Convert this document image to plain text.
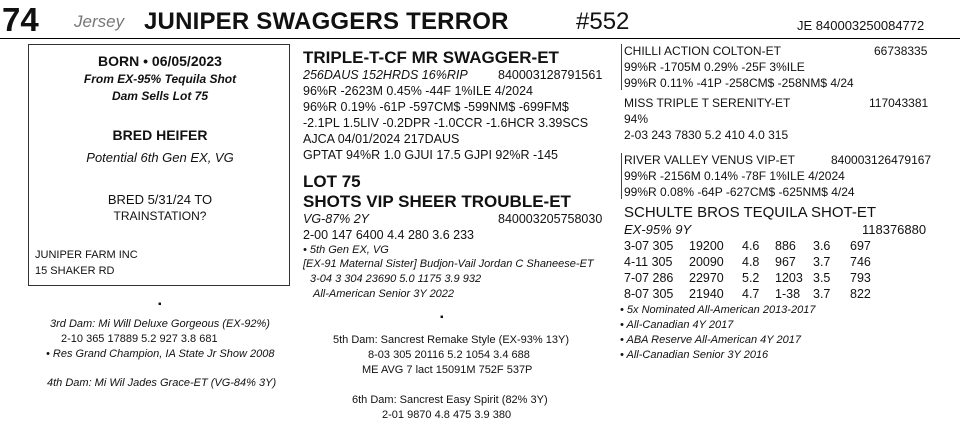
74 Jersey JUNIPER SWAGGERS TERROR	#552	JE 840003250084772
BORN • 06/05/2023
From EX-95% Tequila Shot
Dam Sells Lot 75
BRED HEIFER
Potential 6th Gen EX, VG
BRED 5/31/24 TO
TRAINSTATION?
JUNIPER FARM INC
15 SHAKER RD
TRIPLE-T-CF MR SWAGGER-ET
256DAUS 152HRDS 16%RIP 840003128791561
96%R -2623M 0.45% -44F 1%ILE 4/2024
96%R 0.19% -61P -597CM$ -599NM$ -699FM$
-2.1PL 1.5LIV -0.2DPR -1.0CCR -1.6HCR 3.39SCS
AJCA 04/01/2024 217DAUS
GPTAT 94%R 1.0 GJUI 17.5 GJPI 92%R -145
LOT 75
SHOTS VIP SHEER TROUBLE-ET
VG-87% 2Y	840003205758030
2-00 147 6400 4.4 280 3.6 233
• 5th Gen EX, VG
[EX-91 Maternal Sister] Budjon-Vail Jordan C Shaneese-ET
3-04 3 304 23690 5.0 1175 3.9 932
All-American Senior 3Y 2022
CHILLI ACTION COLTON-ET	66738335
99%R -1705M 0.29% -25F 3%ILE
99%R 0.11% -41P -258CM$ -258NM$ 4/24
MISS TRIPLE T SERENITY-ET	117043381
94%
2-03 243 7830 5.2 410 4.0 315
RIVER VALLEY VENUS VIP-ET	840003126479167
99%R -2156M 0.14% -78F 1%ILE 4/2024
99%R 0.08% -64P -627CM$ -625NM$ 4/24
SCHULTE BROS TEQUILA SHOT-ET
EX-95% 9Y	118376880
3-07 305 19200 4.6 886 3.6 697
4-11 305 20090 4.8 967 3.7 746
7-07 286 22970 5.2 1203 3.5 793
8-07 305 21940 4.7 1-38 3.7 822
• 5x Nominated All-American 2013-2017
• All-Canadian 4Y 2017
• ABA Reserve All-American 4Y 2017
• All-Canadian Senior 3Y 2016
▪
3rd Dam: Mi Will Deluxe Gorgeous (EX-92%)
2-10 365 17889 5.2 927 3.8 681
• Res Grand Champion, IA State Jr Show 2008
4th Dam: Mi Wil Jades Grace-ET (VG-84% 3Y)
▪
5th Dam: Sancrest Remake Style (EX-93% 13Y)
8-03 305 20116 5.2 1054 3.4 688
ME AVG 7 lact 15091M 752F 537P
6th Dam: Sancrest Easy Spirit (82% 3Y)
2-01 9870 4.8 475 3.9 380
